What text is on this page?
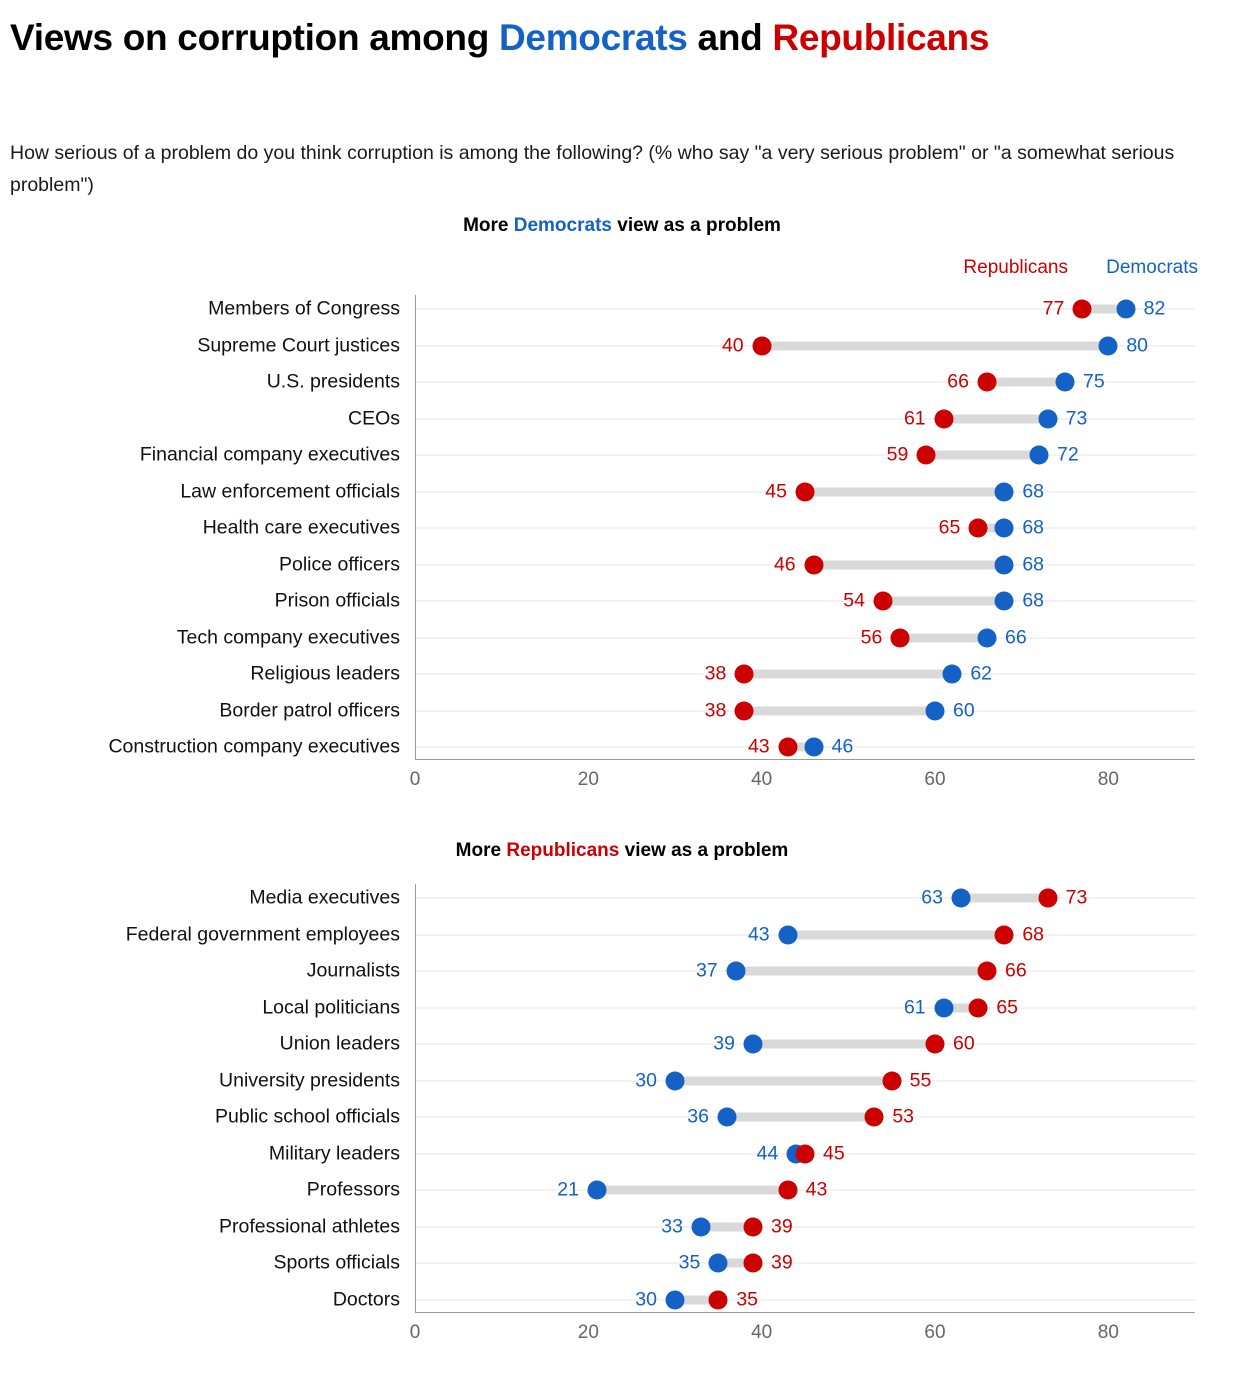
Views on corruption among Democrats and Republicans
How serious of a problem do you think corruption is among the following? (% who say "a very serious problem" or "a somewhat serious problem")
More Democrats view as a problem
Republicans Democrats
Members of Congress	77	82
Supreme Court justices	40	80
U.S. presidents	66	75
CEOs	61	73
Financial company executives	59	72
Law enforcement officials	45	68
Health care executives	65	68
Police officers	46	68
Prison officials	54	68
Tech company executives	56	66
Religious leaders	38	62
Border patrol officers	38	60
Construction company executives	43	46
0	20	40	60	80
More Republicans view as a problem
Media executives	63	73
Federal government employees	43	68
Journalists	37	66
Local politicians	61	65
Union leaders	39	60
University presidents	30	55
Public school officials	36	53
Military leaders	44 45
Professors	21	43
Professional athletes	33	39
Sports officials	35	39
Doctors	30	35
0	20	40	60	80
